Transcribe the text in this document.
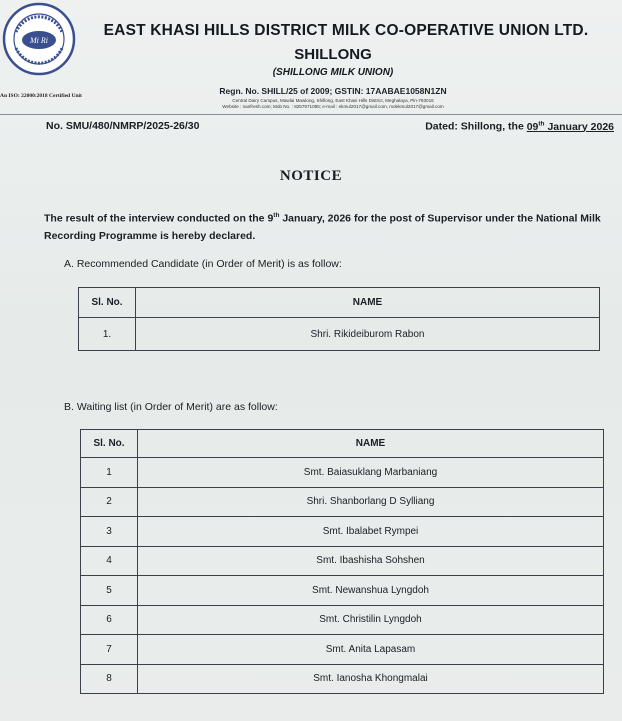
Mi Ri
An ISO: 22000:2018 Certified Unit
EAST KHASI HILLS DISTRICT MILK CO-OPERATIVE UNION LTD.
SHILLONG
(SHILLONG MILK UNION)
Regn. No. SHILL/25 of 2009; GSTIN: 17AABAE1058N1ZN
Central Dairy Campus, Mawlai Mawlong, Shillong, East Khasi Hills District, Meghalaya, Pin-793016
Website : nanfresh.com; Mob No. : 8257971095; e-mail : ekmul2017@gmail.com, mdekmul2017@gmail.com
No. SMU/480/NMRP/2025-26/30	Dated: Shillong, the 09th January 2026
NOTICE
The result of the interview conducted on the 9th January, 2026 for the post of Supervisor under the National Milk Recording Programme is hereby declared.
A. Recommended Candidate (in Order of Merit) is as follow:
Sl. No.	NAME
1.	Shri. Rikideiburom Rabon
B. Waiting list (in Order of Merit) are as follow:
Sl. No.	NAME
1	Smt. Baiasuklang Marbaniang
2	Shri. Shanborlang D Sylliang
3	Smt. Ibalabet Rympei
4	Smt. Ibashisha Sohshen
5	Smt. Newanshua Lyngdoh
6	Smt. Christilin Lyngdoh
7	Smt. Anita Lapasam
8	Smt. Ianosha Khongmalai
